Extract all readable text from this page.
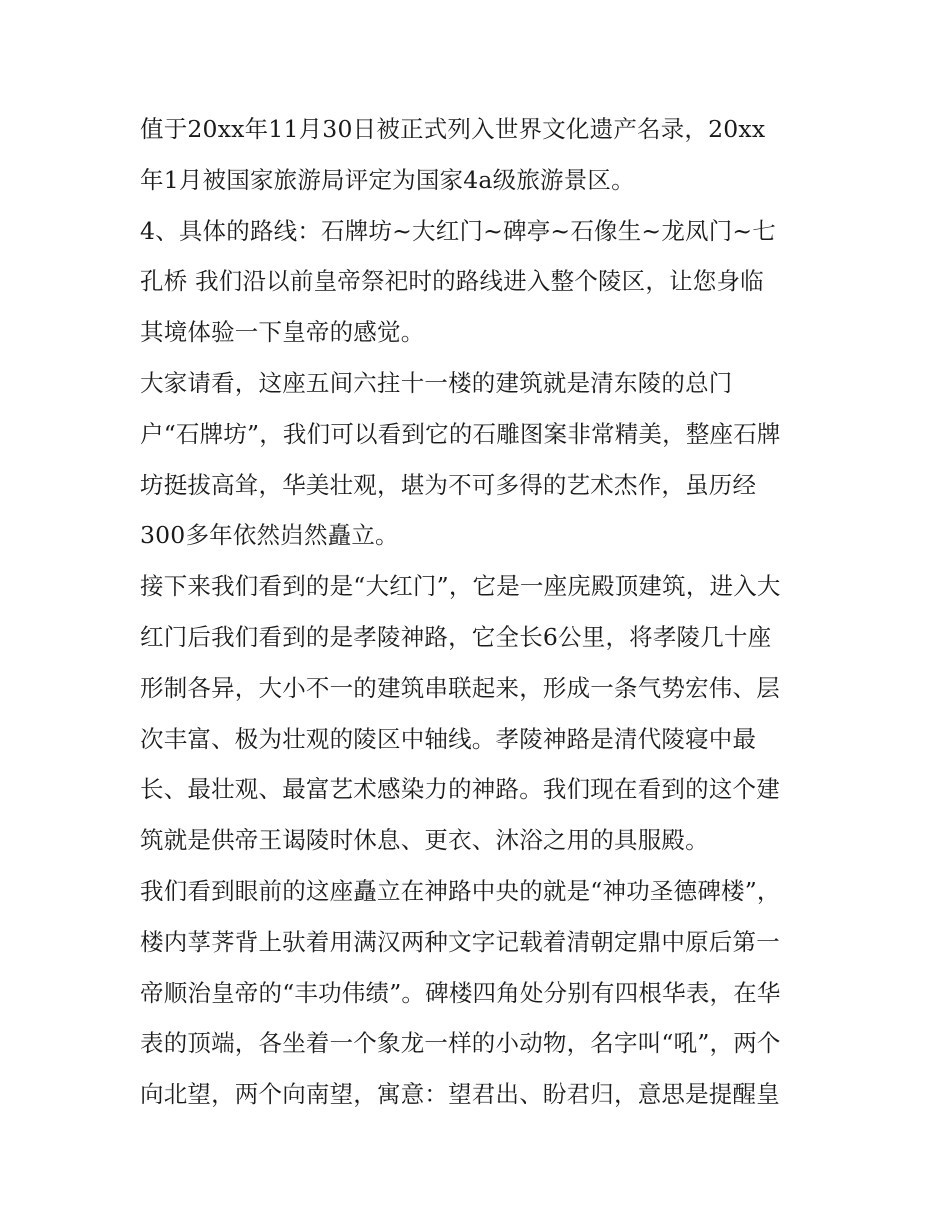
值于20xx年11月30日被正式列入世界文化遗产名录，20xx
年1月被国家旅游局评定为国家4a级旅游景区。
4、具体的路线：石牌坊~大红门~碑亭~石像生~龙凤门~七
孔桥 我们沿以前皇帝祭祀时的路线进入整个陵区，让您身临
其境体验一下皇帝的感觉。
大家请看，这座五间六拄十一楼的建筑就是清东陵的总门
户“石牌坊”，我们可以看到它的石雕图案非常精美，整座石牌
坊挺拔高耸，华美壮观，堪为不可多得的艺术杰作，虽历经
300多年依然岿然矗立。
接下来我们看到的是“大红门”，它是一座庑殿顶建筑，进入大
红门后我们看到的是孝陵神路，它全长6公里，将孝陵几十座
形制各异，大小不一的建筑串联起来，形成一条气势宏伟、层
次丰富、极为壮观的陵区中轴线。孝陵神路是清代陵寝中最
长、最壮观、最富艺术感染力的神路。我们现在看到的这个建
筑就是供帝王谒陵时休息、更衣、沐浴之用的具服殿。
我们看到眼前的这座矗立在神路中央的就是“神功圣德碑楼”，
楼内莩荠背上驮着用满汉两种文字记载着清朝定鼎中原后第一
帝顺治皇帝的“丰功伟绩”。碑楼四角处分别有四根华表，在华
表的顶端，各坐着一个象龙一样的小动物，名字叫“吼”，两个
向北望，两个向南望，寓意：望君出、盼君归，意思是提醒皇
